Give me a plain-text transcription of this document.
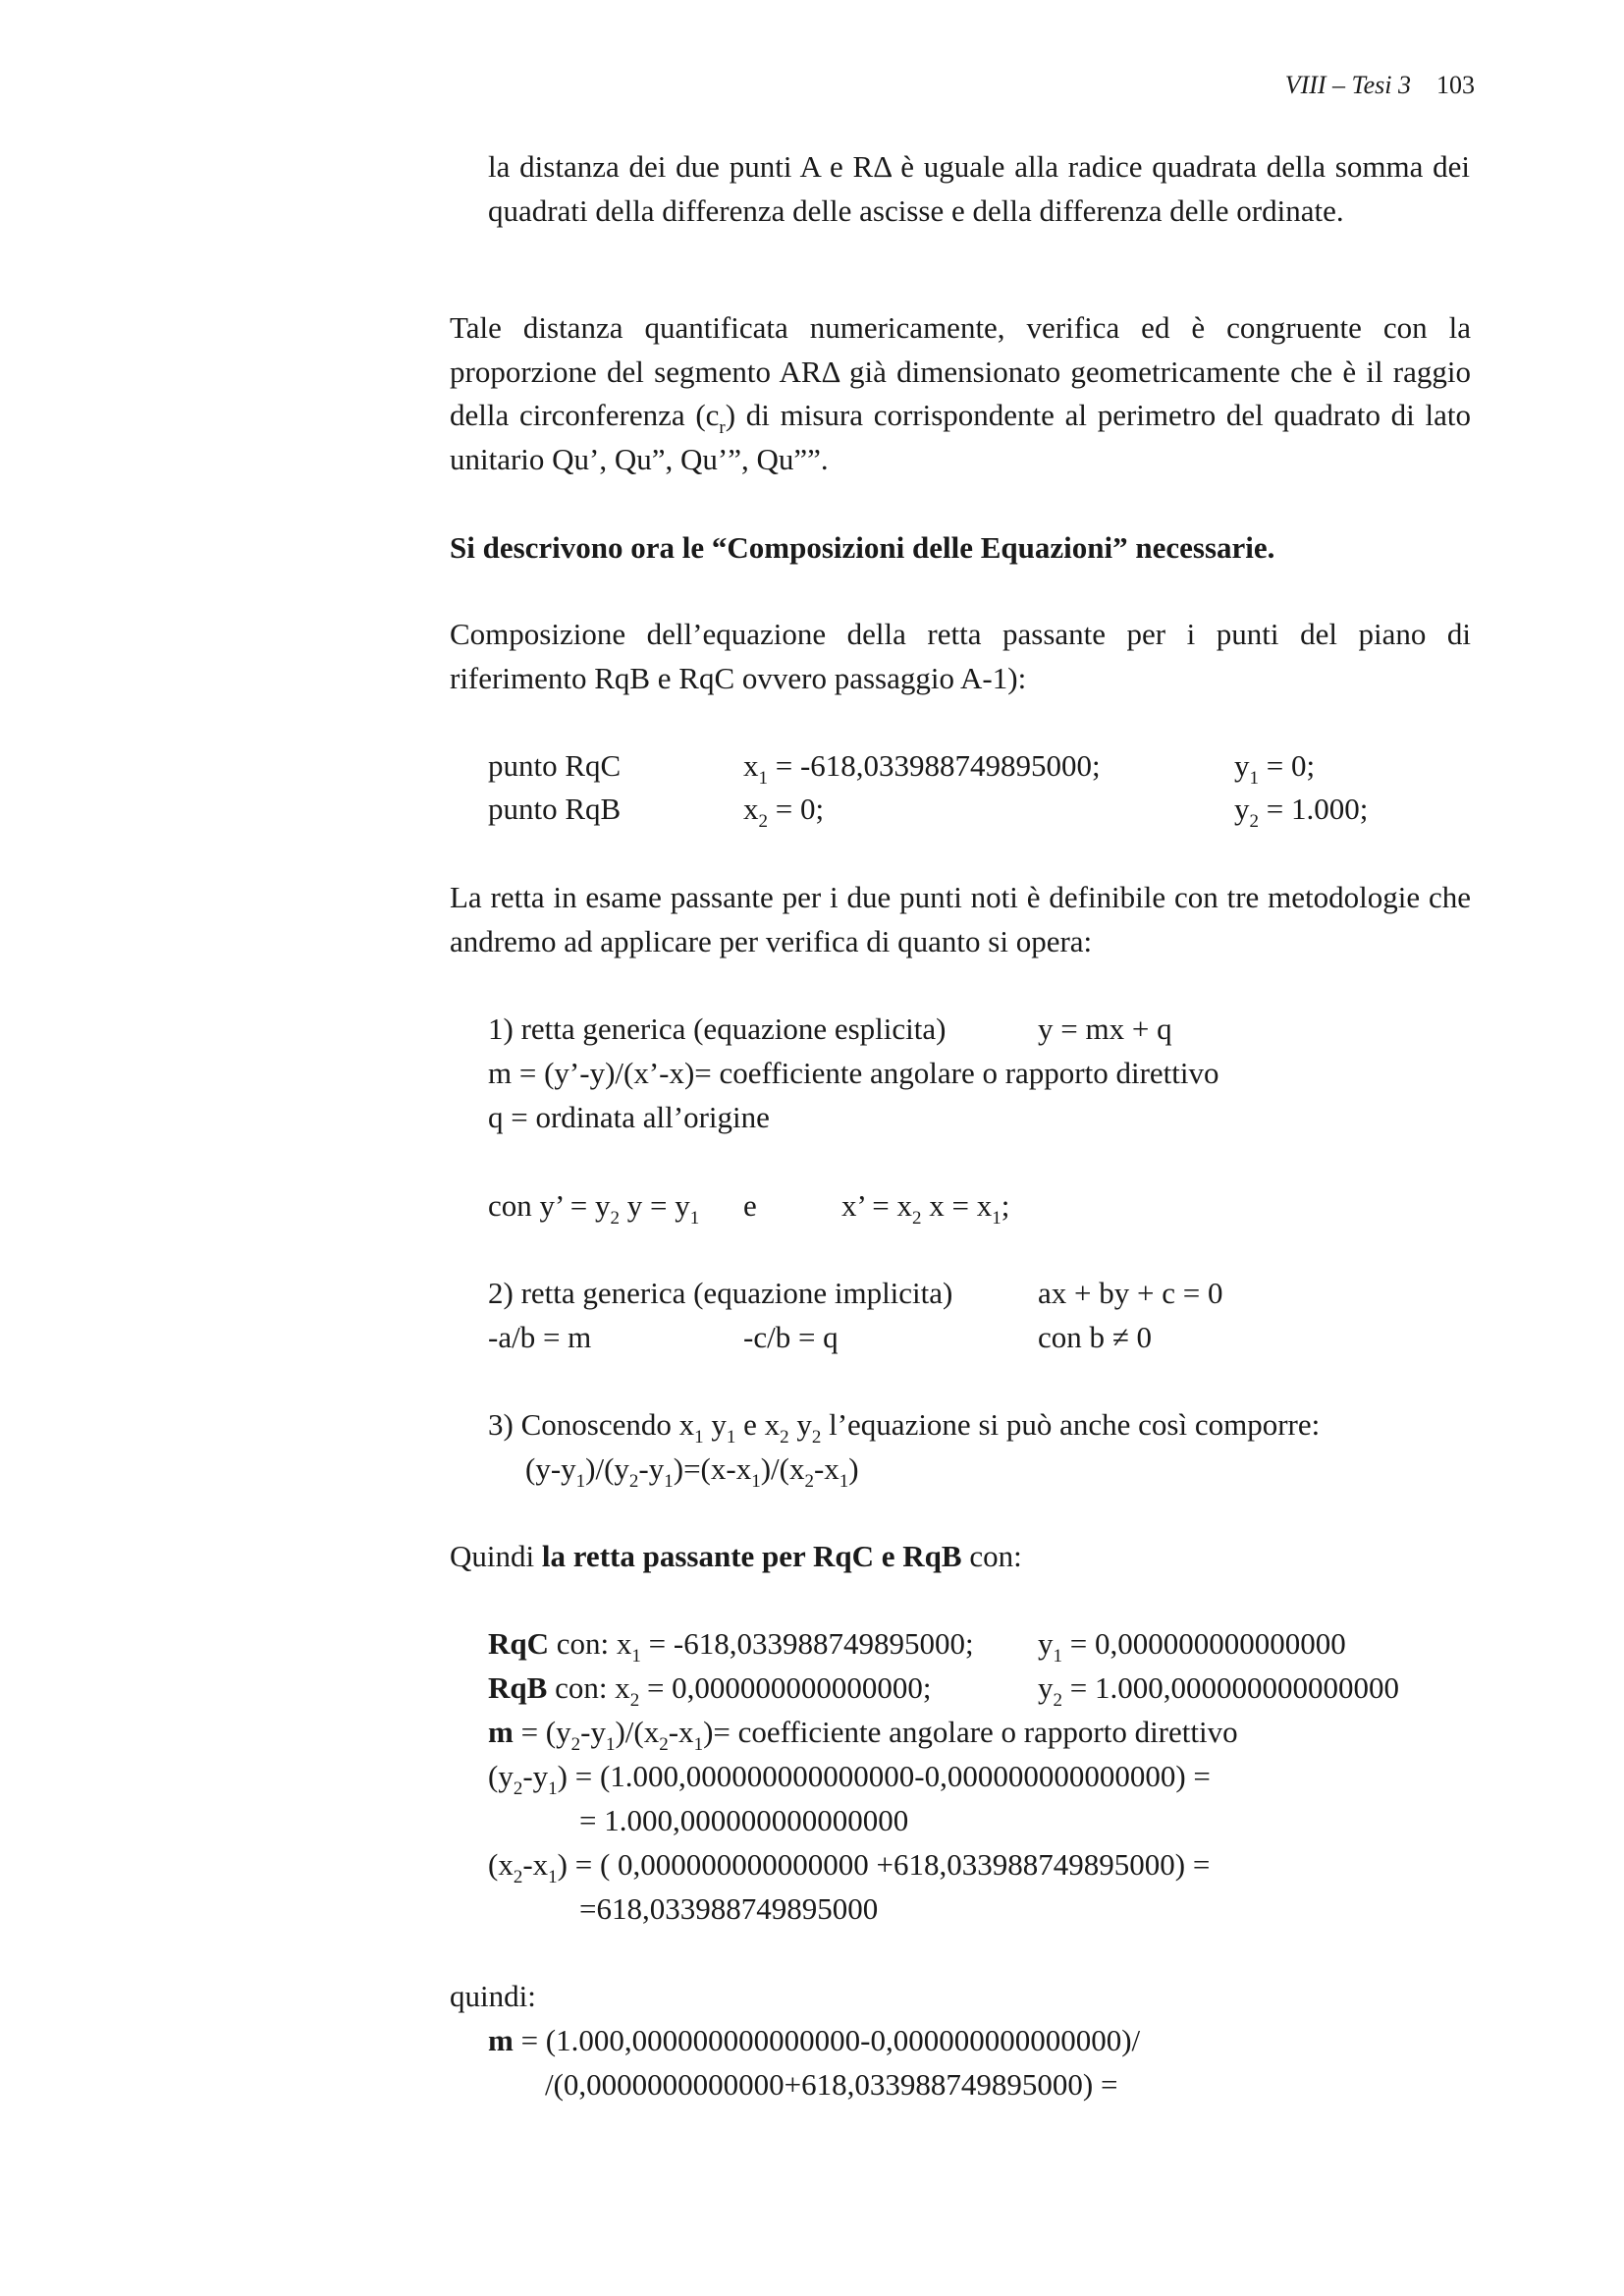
VIII – Tesi 3 103
la distanza dei due punti A e RΔ è uguale alla radice quadrata della somma dei quadrati della differenza delle ascisse e della differenza delle ordinate.
Tale distanza quantificata numericamente, verifica ed è congruente con la proporzione del segmento ARΔ già dimensionato geometricamente che è il raggio della circonferenza $(c_r)$ di misura corrispondente al perimetro del quadrato di lato unitario Qu’, Qu”, Qu’”, Qu””.
Si descrivono ora le “Composizioni delle Equazioni” necessarie.
Composizione dell’equazione della retta passante per i punti del piano di riferimento RqB e RqC ovvero passaggio A-1):
punto RqC	$x_1 = -618,033988749895000$;	$y_1 = 0$;
punto RqB	$x_2 = 0$;	$y_2 = 1.000$;
La retta in esame passante per i due punti noti è definibile con tre metodologie che andremo ad applicare per verifica di quanto si opera:
1) retta generica (equazione esplicita)	y = mx + q
m = (y’-y)/(x’-x)= coefficiente angolare o rapporto direttivo
q = ordinata all’origine
con y’ = $y_2$ $y = y_1$ e	x’ = $x_2$ $x = x_1$;
2) retta generica (equazione implicita)	ax + by + c = 0
-a/b = m	-c/b = q	con b ≠ 0
3) Conoscendo $x_1$ $y_1$ e $x_2$ $y_2$ l’equazione si può anche così comporre:
$(y-y_1)/(y_2-y_1)=(x-x_1)/(x_2-x_1)$
Quindi la retta passante per RqC e RqB con:
RqC con: $x_1 = -618,033988749895000$; $y_1 = 0,000000000000000$
RqB con: $x_2 = 0,000000000000000$;	$y_2 = 1.000,000000000000000$
$m = (y_2-y_1)/(x_2-x_1)=$ coefficiente angolare o rapporto direttivo
$(y_2-y_1) = (1.000,000000000000000-0,000000000000000)$ =
= 1.000,000000000000000
$(x_2-x_1)$ = ( 0,000000000000000 +618,033988749895000) =
=618,033988749895000
quindi:
m = (1.000,000000000000000-0,000000000000000)/
/(0,0000000000000+618,033988749895000) =
